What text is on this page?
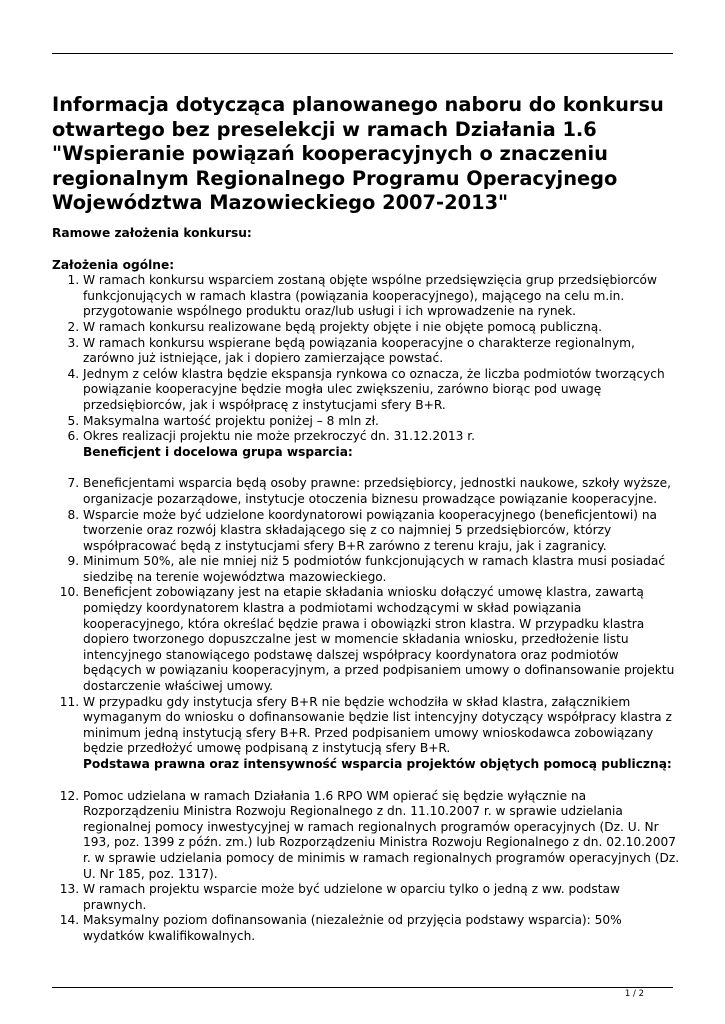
Informacja dotycząca planowanego naboru do konkursu otwartego bez preselekcji w ramach Działania 1.6 "Wspieranie powiązań kooperacyjnych o znaczeniu regionalnym Regionalnego Programu Operacyjnego Województwa Mazowieckiego 2007-2013"

Ramowe założenia konkursu:

Założenia ogólne:

1. W ramach konkursu wsparciem zostaną objęte wspólne przedsięwzięcia grup przedsiębiorców funkcjonujących w ramach klastra (powiązania kooperacyjnego), mającego na celu m.in. przygotowanie wspólnego produktu oraz/lub usługi i ich wprowadzenie na rynek.
2. W ramach konkursu realizowane będą projekty objęte i nie objęte pomocą publiczną.
3. W ramach konkursu wspierane będą powiązania kooperacyjne o charakterze regionalnym, zarówno już istniejące, jak i dopiero zamierzające powstać.
4. Jednym z celów klastra będzie ekspansja rynkowa co oznacza, że liczba podmiotów tworzących powiązanie kooperacyjne będzie mogła ulec zwiększeniu, zarówno biorąc pod uwagę przedsiębiorców, jak i współpracę z instytucjami sfery B+R.
5. Maksymalna wartość projektu poniżej – 8 mln zł.
6. Okres realizacji projektu nie może przekroczyć dn. 31.12.2013 r.
Beneficjent i docelowa grupa wsparcia:
7. Beneficjentami wsparcia będą osoby prawne: przedsiębiorcy, jednostki naukowe, szkoły wyższe, organizacje pozarządowe, instytucje otoczenia biznesu prowadzące powiązanie kooperacyjne.
8. Wsparcie może być udzielone koordynatorowi powiązania kooperacyjnego (beneficjentowi) na tworzenie oraz rozwój klastra składającego się z co najmniej 5 przedsiębiorców, którzy współpracować będą z instytucjami sfery B+R zarówno z terenu kraju, jak i zagranicy.
9. Minimum 50%, ale nie mniej niż 5 podmiotów funkcjonujących w ramach klastra musi posiadać siedzibę na terenie województwa mazowieckiego.
10. Beneficjent zobowiązany jest na etapie składania wniosku dołączyć umowę klastra, zawartą pomiędzy koordynatorem klastra a podmiotami wchodzącymi w skład powiązania kooperacyjnego, która określać będzie prawa i obowiązki stron klastra. W przypadku klastra dopiero tworzonego dopuszczalne jest w momencie składania wniosku, przedłożenie listu intencyjnego stanowiącego podstawę dalszej współpracy koordynatora oraz podmiotów będących w powiązaniu kooperacyjnym, a przed podpisaniem umowy o dofinansowanie projektu dostarczenie właściwej umowy.
11. W przypadku gdy instytucja sfery B+R nie będzie wchodziła w skład klastra, załącznikiem wymaganym do wniosku o dofinansowanie będzie list intencyjny dotyczący współpracy klastra z minimum jedną instytucją sfery B+R. Przed podpisaniem umowy wnioskodawca zobowiązany będzie przedłożyć umowę podpisaną z instytucją sfery B+R.
Podstawa prawna oraz intensywność wsparcia projektów objętych pomocą publiczną:
12. Pomoc udzielana w ramach Działania 1.6 RPO WM opierać się będzie wyłącznie na Rozporządzeniu Ministra Rozwoju Regionalnego z dn. 11.10.2007 r. w sprawie udzielania regionalnej pomocy inwestycyjnej w ramach regionalnych programów operacyjnych (Dz. U. Nr 193, poz. 1399 z późn. zm.) lub Rozporządzeniu Ministra Rozwoju Regionalnego z dn. 02.10.2007 r. w sprawie udzielania pomocy de minimis w ramach regionalnych programów operacyjnych (Dz. U. Nr 185, poz. 1317).
13. W ramach projektu wsparcie może być udzielone w oparciu tylko o jedną z ww. podstaw prawnych.
14. Maksymalny poziom dofinansowania (niezależnie od przyjęcia podstawy wsparcia): 50% wydatków kwalifikowalnych.
1 / 2
